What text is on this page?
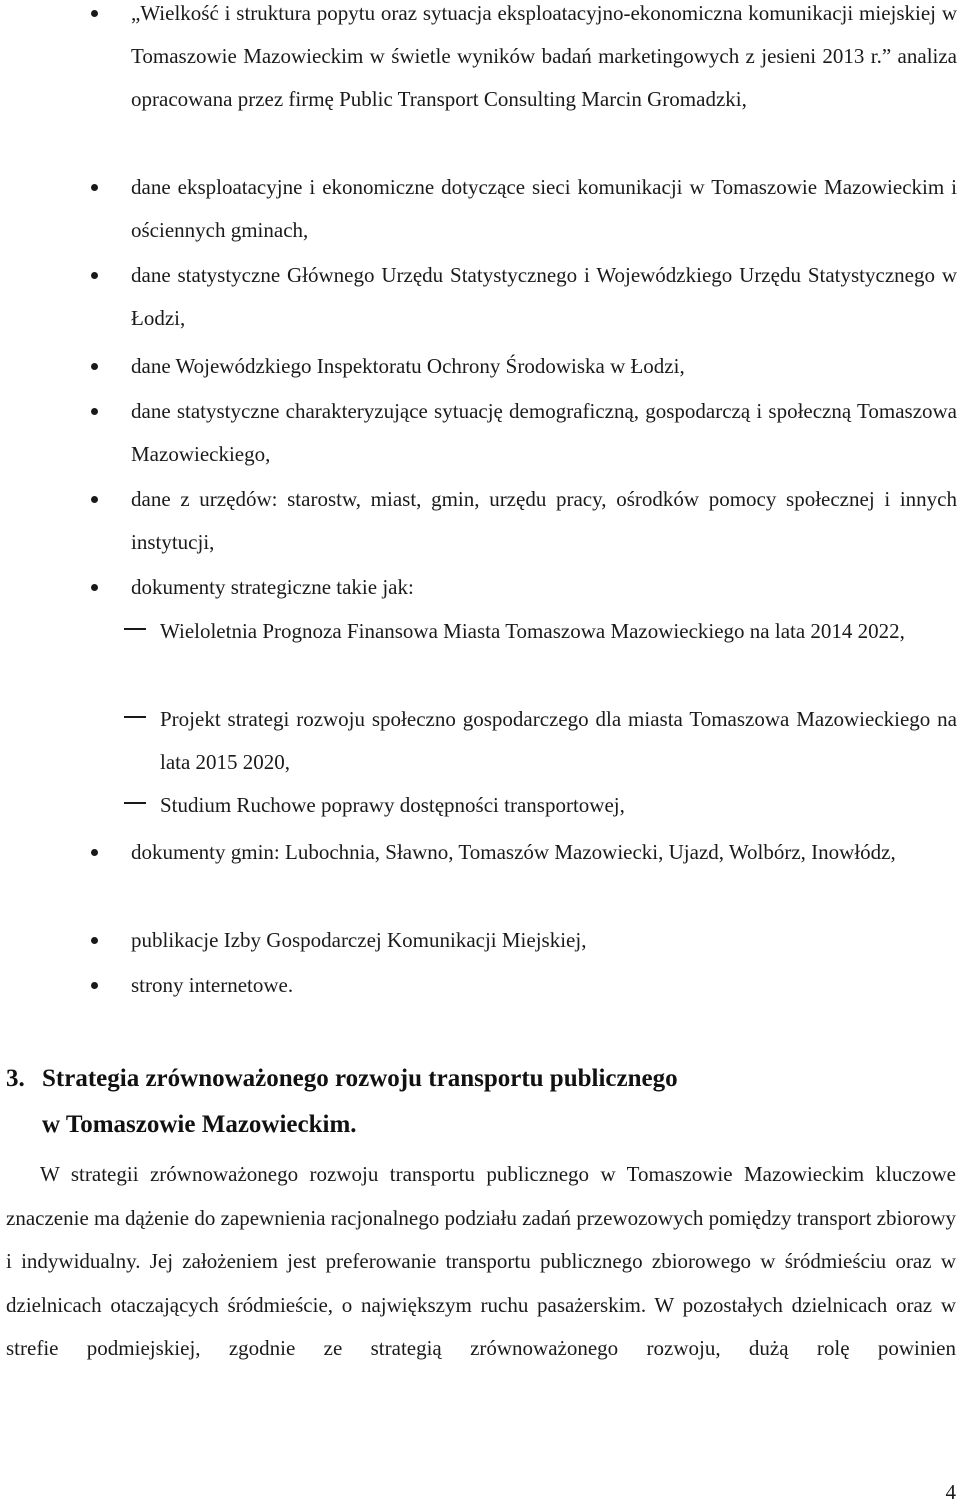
„Wielkość i struktura popytu oraz sytuacja eksploatacyjno-ekonomiczna komunikacji miejskiej w Tomaszowie Mazowieckim w świetle wyników badań marketingowych z jesieni 2013 r.” analiza opracowana przez firmę Public Transport Consulting Marcin Gromadzki,
dane eksploatacyjne i ekonomiczne dotyczące sieci komunikacji w Tomaszowie Mazowieckim i ościennych gminach,
dane statystyczne Głównego Urzędu Statystycznego i Wojewódzkiego Urzędu Statystycznego w Łodzi,
dane Wojewódzkiego Inspektoratu Ochrony Środowiska w Łodzi,
dane statystyczne charakteryzujące sytuację demograficzną, gospodarczą i społeczną Tomaszowa Mazowieckiego,
dane z urzędów: starostw, miast, gmin, urzędu pracy, ośrodków pomocy społecznej i innych instytucji,
dokumenty strategiczne takie jak:
Wieloletnia Prognoza Finansowa Miasta Tomaszowa Mazowieckiego na lata 2014 2022,
Projekt strategi rozwoju społeczno gospodarczego dla miasta Tomaszowa Mazowieckiego na lata 2015 2020,
Studium Ruchowe poprawy dostępności transportowej,
dokumenty gmin: Lubochnia, Sławno, Tomaszów Mazowiecki, Ujazd, Wolbórz, Inowłódz,
publikacje Izby Gospodarczej Komunikacji Miejskiej,
strony internetowe.
3. Strategia zrównoważonego rozwoju transportu publicznego
w Tomaszowie Mazowieckim.
W strategii zrównoważonego rozwoju transportu publicznego w Tomaszowie Mazowieckim kluczowe znaczenie ma dążenie do zapewnienia racjonalnego podziału zadań przewozowych pomiędzy transport zbiorowy i indywidualny. Jej założeniem jest preferowanie transportu publicznego zbiorowego w śródmieściu oraz w dzielnicach otaczających śródmieście, o największym ruchu pasażerskim. W pozostałych dzielnicach oraz w strefie podmiejskiej, zgodnie ze strategią zrównoważonego rozwoju, dużą rolę powinien
4
